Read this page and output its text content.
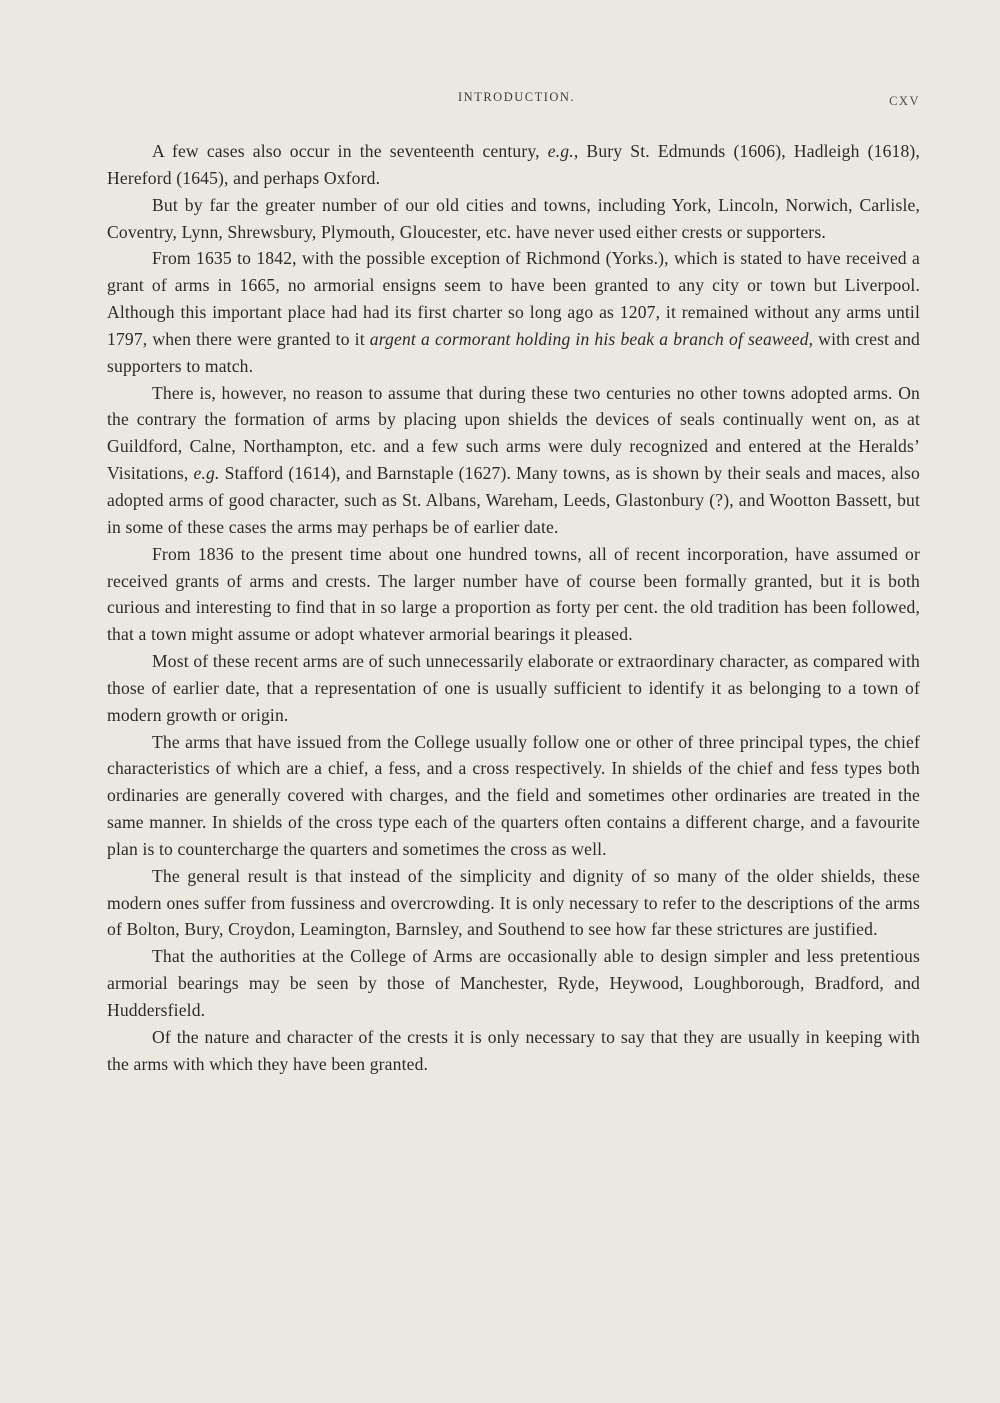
INTRODUCTION.	CXV

A few cases also occur in the seventeenth century, e.g., Bury St. Edmunds (1606), Hadleigh (1618), Hereford (1645), and perhaps Oxford.

But by far the greater number of our old cities and towns, including York, Lincoln, Norwich, Carlisle, Coventry, Lynn, Shrewsbury, Plymouth, Gloucester, etc. have never used either crests or supporters.

From 1635 to 1842, with the possible exception of Richmond (Yorks.), which is stated to have received a grant of arms in 1665, no armorial ensigns seem to have been granted to any city or town but Liverpool. Although this important place had had its first charter so long ago as 1207, it remained without any arms until 1797, when there were granted to it argent a cormorant holding in his beak a branch of seaweed, with crest and supporters to match.

There is, however, no reason to assume that during these two centuries no other towns adopted arms. On the contrary the formation of arms by placing upon shields the devices of seals continually went on, as at Guildford, Calne, Northampton, etc. and a few such arms were duly recognized and entered at the Heralds’ Visitations, e.g. Stafford (1614), and Barnstaple (1627). Many towns, as is shown by their seals and maces, also adopted arms of good character, such as St. Albans, Wareham, Leeds, Glastonbury (?), and Wootton Bassett, but in some of these cases the arms may perhaps be of earlier date.

From 1836 to the present time about one hundred towns, all of recent incorporation, have assumed or received grants of arms and crests. The larger number have of course been formally granted, but it is both curious and interesting to find that in so large a proportion as forty per cent. the old tradition has been followed, that a town might assume or adopt whatever armorial bearings it pleased.

Most of these recent arms are of such unnecessarily elaborate or extraordinary character, as compared with those of earlier date, that a representation of one is usually sufficient to identify it as belonging to a town of modern growth or origin.

The arms that have issued from the College usually follow one or other of three principal types, the chief characteristics of which are a chief, a fess, and a cross respectively. In shields of the chief and fess types both ordinaries are generally covered with charges, and the field and sometimes other ordinaries are treated in the same manner. In shields of the cross type each of the quarters often contains a different charge, and a favourite plan is to countercharge the quarters and sometimes the cross as well.

The general result is that instead of the simplicity and dignity of so many of the older shields, these modern ones suffer from fussiness and overcrowding. It is only necessary to refer to the descriptions of the arms of Bolton, Bury, Croydon, Leamington, Barnsley, and Southend to see how far these strictures are justified.

That the authorities at the College of Arms are occasionally able to design simpler and less pretentious armorial bearings may be seen by those of Manchester, Ryde, Heywood, Loughborough, Bradford, and Huddersfield.

Of the nature and character of the crests it is only necessary to say that they are usually in keeping with the arms with which they have been granted.
